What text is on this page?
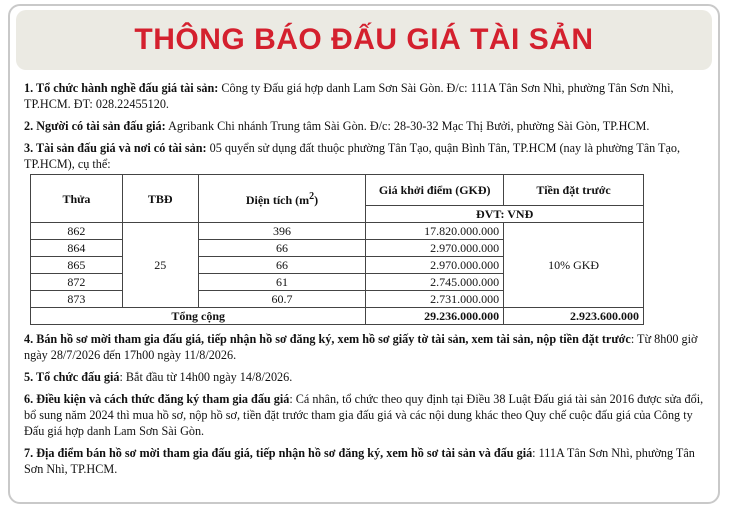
THÔNG BÁO ĐẤU GIÁ TÀI SẢN

1. Tổ chức hành nghề đấu giá tài sản: Công ty Đấu giá hợp danh Lam Sơn Sài Gòn. Đ/c: 111A Tân Sơn Nhì, phường Tân Sơn Nhì, TP.HCM. ĐT: 028.22455120.

2. Người có tài sản đấu giá: Agribank Chi nhánh Trung tâm Sài Gòn. Đ/c: 28-30-32 Mạc Thị Bưởi, phường Sài Gòn, TP.HCM.

3. Tài sản đấu giá và nơi có tài sản: 05 quyển sử dụng đất thuộc phường Tân Tạo, quận Bình Tân, TP.HCM (nay là phường Tân Tạo, TP.HCM), cụ thể:

Thửa	TBĐ	Diện tích $(m^2)$	Giá khởi điểm (GKĐ)	Tiền đặt trước
			ĐVT: VNĐ	
862	25	396	17.820.000.000	10% GKĐ
864		66	2.970.000.000	
865		66	2.970.000.000	
872		61	2.745.000.000	
873		60.7	2.731.000.000	
Tổng cộng			29.236.000.000	2.923.600.000

4. Bán hồ sơ mời tham gia đấu giá, tiếp nhận hồ sơ đăng ký, xem hồ sơ giấy tờ tài sản, xem tài sản, nộp tiền đặt trước: Từ 8h00 giờ ngày 28/7/2026 đến 17h00 ngày 11/8/2026.

5. Tổ chức đấu giá: Bắt đầu từ 14h00 ngày 14/8/2026.

6. Điều kiện và cách thức đăng ký tham gia đấu giá: Cá nhân, tổ chức theo quy định tại Điều 38 Luật Đấu giá tài sản 2016 được sửa đổi, bổ sung năm 2024 thì mua hồ sơ, nộp hồ sơ, tiền đặt trước tham gia đấu giá và các nội dung khác theo Quy chế cuộc đấu giá của Công ty Đấu giá hợp danh Lam Sơn Sài Gòn.

7. Địa điểm bán hồ sơ mời tham gia đấu giá, tiếp nhận hồ sơ đăng ký, xem hồ sơ tài sản và đấu giá: 111A Tân Sơn Nhì, phường Tân Sơn Nhì, TP.HCM.
